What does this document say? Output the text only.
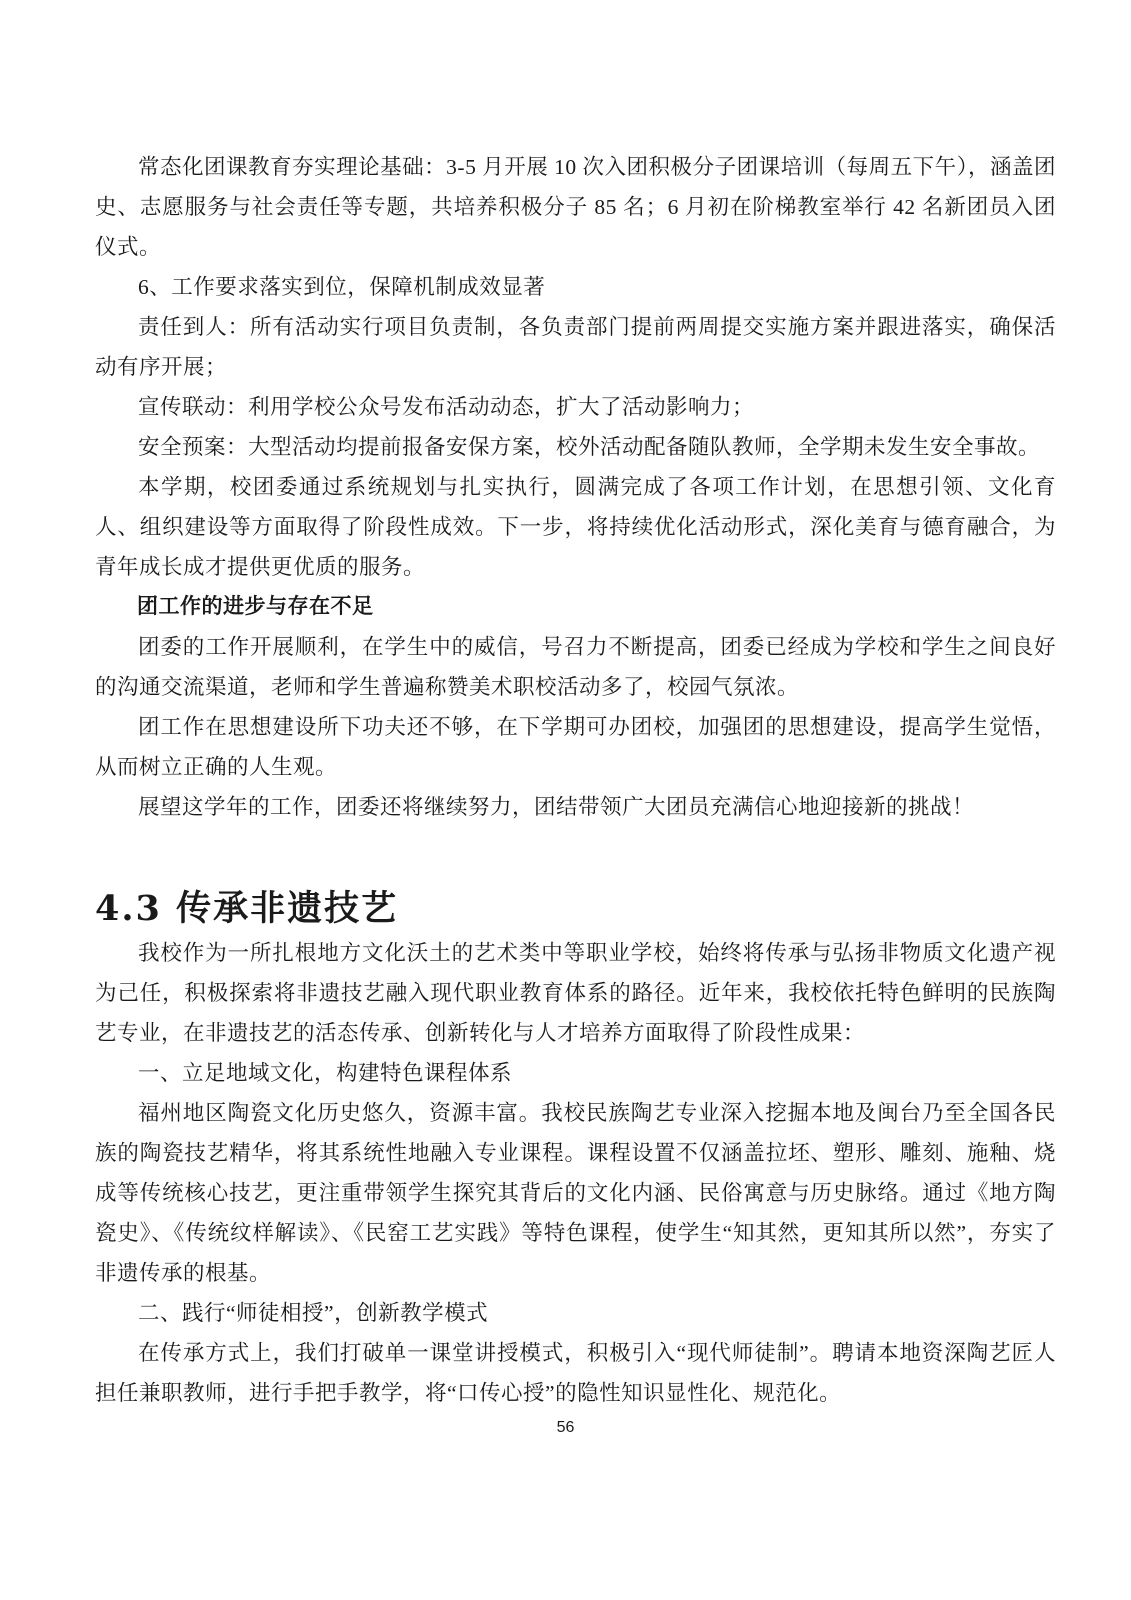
常态化团课教育夯实理论基础：3-5 月开展 10 次入团积极分子团课培训（每周五下午），涵盖团史、志愿服务与社会责任等专题，共培养积极分子 85 名；6 月初在阶梯教室举行 42 名新团员入团仪式。

6、工作要求落实到位，保障机制成效显著

责任到人：所有活动实行项目负责制，各负责部门提前两周提交实施方案并跟进落实，确保活动有序开展；

宣传联动：利用学校公众号发布活动动态，扩大了活动影响力；

安全预案：大型活动均提前报备安保方案，校外活动配备随队教师，全学期未发生安全事故。

本学期，校团委通过系统规划与扎实执行，圆满完成了各项工作计划，在思想引领、文化育人、组织建设等方面取得了阶段性成效。下一步，将持续优化活动形式，深化美育与德育融合，为青年成长成才提供更优质的服务。

团工作的进步与存在不足

团委的工作开展顺利，在学生中的威信，号召力不断提高，团委已经成为学校和学生之间良好的沟通交流渠道，老师和学生普遍称赞美术职校活动多了，校园气氛浓。

团工作在思想建设所下功夫还不够，在下学期可办团校，加强团的思想建设，提高学生觉悟，从而树立正确的人生观。

展望这学年的工作，团委还将继续努力，团结带领广大团员充满信心地迎接新的挑战！

4.3 传承非遗技艺

我校作为一所扎根地方文化沃土的艺术类中等职业学校，始终将传承与弘扬非物质文化遗产视为己任，积极探索将非遗技艺融入现代职业教育体系的路径。近年来，我校依托特色鲜明的民族陶艺专业，在非遗技艺的活态传承、创新转化与人才培养方面取得了阶段性成果：

一、立足地域文化，构建特色课程体系

福州地区陶瓷文化历史悠久，资源丰富。我校民族陶艺专业深入挖掘本地及闽台乃至全国各民族的陶瓷技艺精华，将其系统性地融入专业课程。课程设置不仅涵盖拉坯、塑形、雕刻、施釉、烧成等传统核心技艺，更注重带领学生探究其背后的文化内涵、民俗寓意与历史脉络。通过《地方陶瓷史》、《传统纹样解读》、《民窑工艺实践》等特色课程，使学生“知其然，更知其所以然”，夯实了非遗传承的根基。

二、践行“师徒相授”，创新教学模式

在传承方式上，我们打破单一课堂讲授模式，积极引入“现代师徒制”。聘请本地资深陶艺匠人担任兼职教师，进行手把手教学，将“口传心授”的隐性知识显性化、规范化。

56
